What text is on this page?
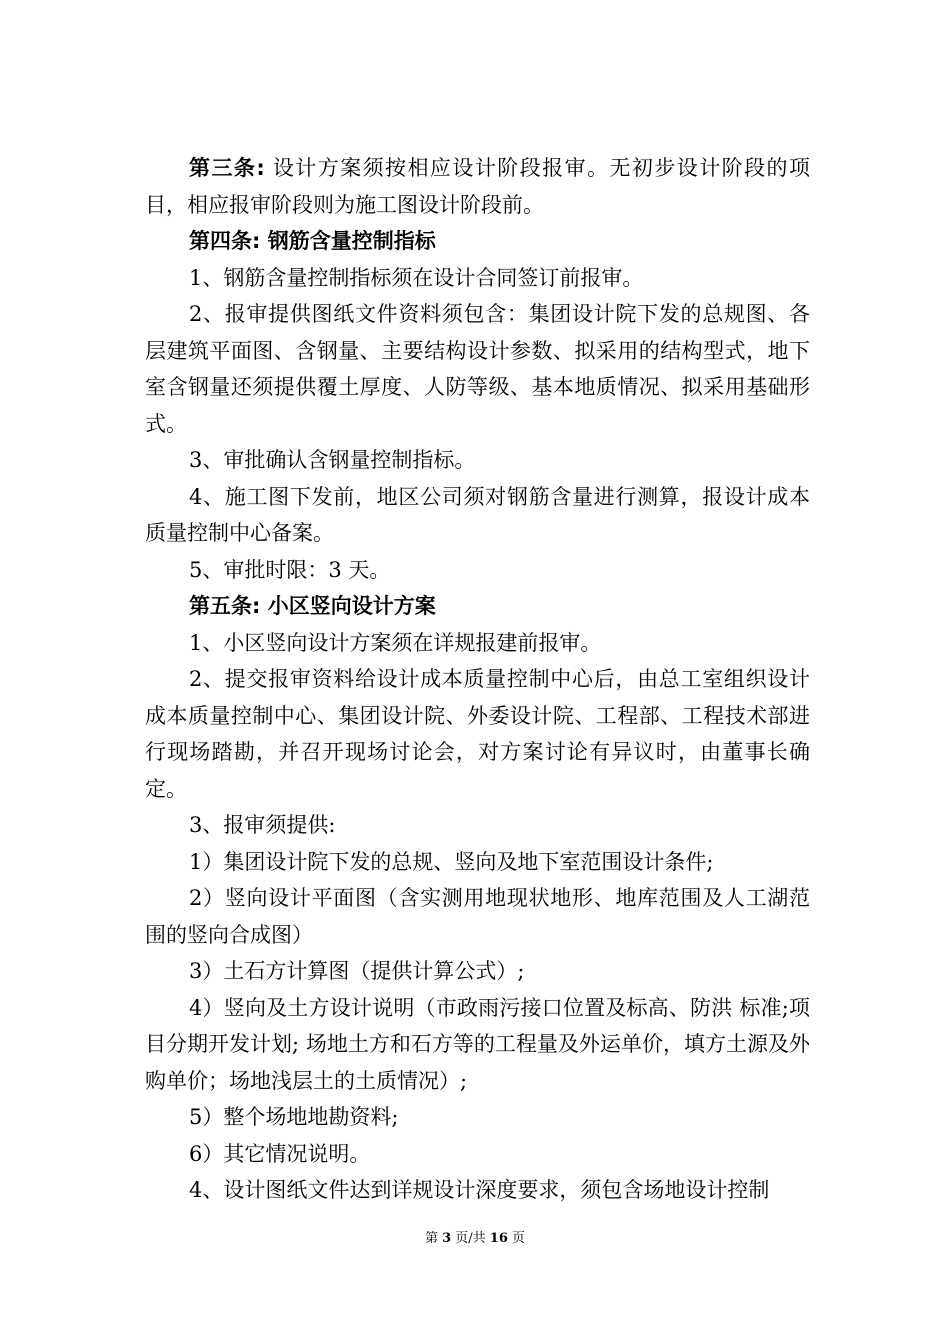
第三条: 设计方案须按相应设计阶段报审。无初步设计阶段的项目，相应报审阶段则为施工图设计阶段前。

第四条: 钢筋含量控制指标

1、钢筋含量控制指标须在设计合同签订前报审。

2、报审提供图纸文件资料须包含：集团设计院下发的总规图、各层建筑平面图、含钢量、主要结构设计参数、拟采用的结构型式，地下室含钢量还须提供覆土厚度、人防等级、基本地质情况、拟采用基础形式。

3、审批确认含钢量控制指标。

4、施工图下发前，地区公司须对钢筋含量进行测算，报设计成本质量控制中心备案。

5、审批时限：3 天。

第五条: 小区竖向设计方案

1、小区竖向设计方案须在详规报建前报审。

2、提交报审资料给设计成本质量控制中心后，由总工室组织设计成本质量控制中心、集团设计院、外委设计院、工程部、工程技术部进行现场踏勘，并召开现场讨论会，对方案讨论有异议时，由董事长确定。

3、报审须提供:

1）集团设计院下发的总规、竖向及地下室范围设计条件;

2）竖向设计平面图（含实测用地现状地形、地库范围及人工湖范围的竖向合成图）

3）土石方计算图（提供计算公式）;

4）竖向及土方设计说明（市政雨污接口位置及标高、防洪 标准;项目分期开发计划; 场地土方和石方等的工程量及外运单价，填方土源及外购单价；场地浅层土的土质情况）;

5）整个场地地勘资料;

6）其它情况说明。

4、设计图纸文件达到详规设计深度要求，须包含场地设计控制

第 3 页/共 16 页
